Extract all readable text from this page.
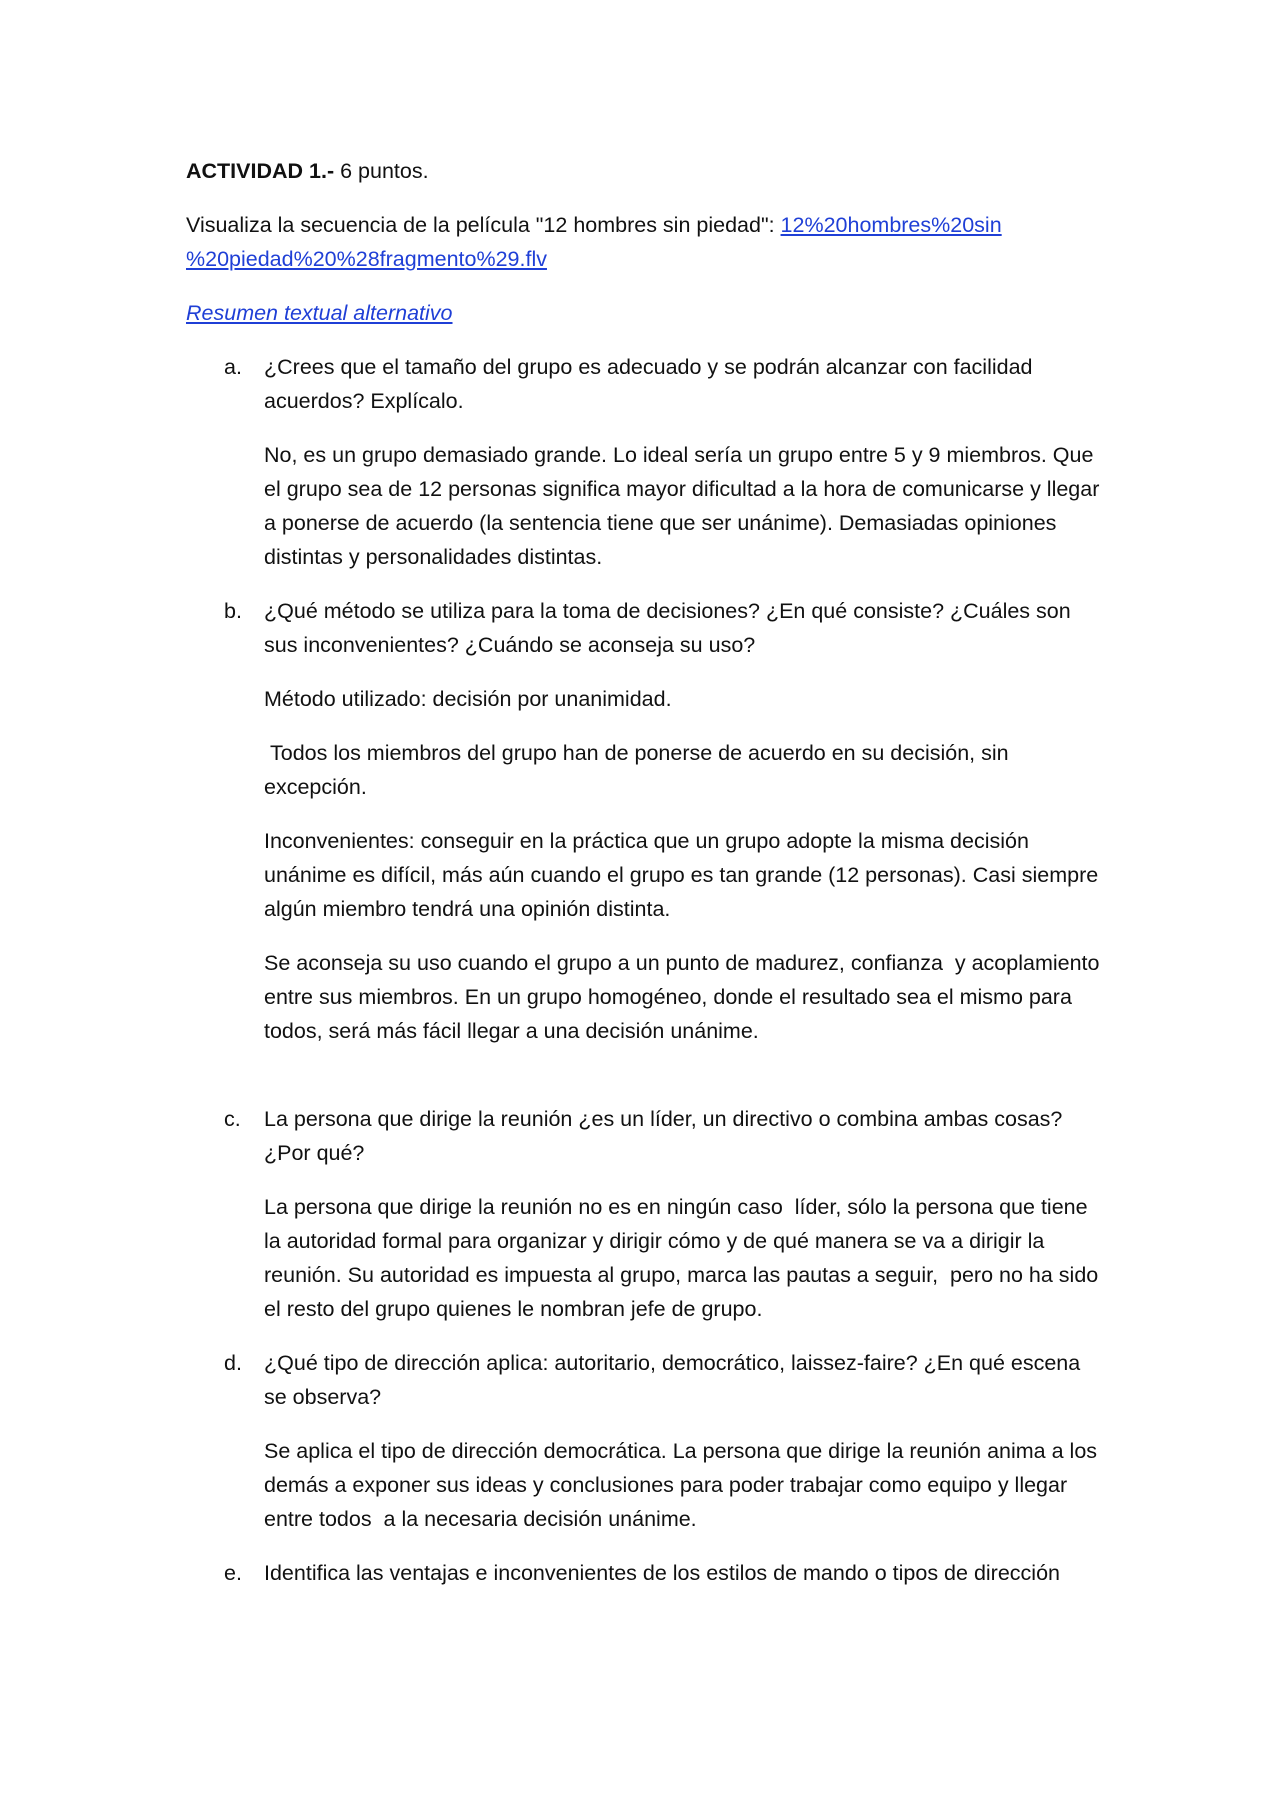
ACTIVIDAD 1.- 6 puntos.

Visualiza la secuencia de la película "12 hombres sin piedad": 12%20hombres%20sin
%20piedad%20%28fragmento%29.flv

Resumen textual alternativo
a. ¿Crees que el tamaño del grupo es adecuado y se podrán alcanzar con facilidad acuerdos? Explícalo.

No, es un grupo demasiado grande. Lo ideal sería un grupo entre 5 y 9 miembros. Que el grupo sea de 12 personas significa mayor dificultad a la hora de comunicarse y llegar a ponerse de acuerdo (la sentencia tiene que ser unánime). Demasiadas opiniones distintas y personalidades distintas.

b. ¿Qué método se utiliza para la toma de decisiones? ¿En qué consiste? ¿Cuáles son sus inconvenientes? ¿Cuándo se aconseja su uso?

Método utilizado: decisión por unanimidad.

Todos los miembros del grupo han de ponerse de acuerdo en su decisión, sin excepción.

Inconvenientes: conseguir en la práctica que un grupo adopte la misma decisión unánime es difícil, más aún cuando el grupo es tan grande (12 personas). Casi siempre algún miembro tendrá una opinión distinta.

Se aconseja su uso cuando el grupo a un punto de madurez, confianza  y acoplamiento entre sus miembros. En un grupo homogéneo, donde el resultado sea el mismo para todos, será más fácil llegar a una decisión unánime.

c. La persona que dirige la reunión ¿es un líder, un directivo o combina ambas cosas? ¿Por qué?

La persona que dirige la reunión no es en ningún caso  líder, sólo la persona que tiene la autoridad formal para organizar y dirigir cómo y de qué manera se va a dirigir la reunión. Su autoridad es impuesta al grupo, marca las pautas a seguir,  pero no ha sido el resto del grupo quienes le nombran jefe de grupo.

d. ¿Qué tipo de dirección aplica: autoritario, democrático, laissez-faire? ¿En qué escena se observa?

Se aplica el tipo de dirección democrática. La persona que dirige la reunión anima a los demás a exponer sus ideas y conclusiones para poder trabajar como equipo y llegar entre todos  a la necesaria decisión unánime.

e. Identifica las ventajas e inconvenientes de los estilos de mando o tipos de dirección
